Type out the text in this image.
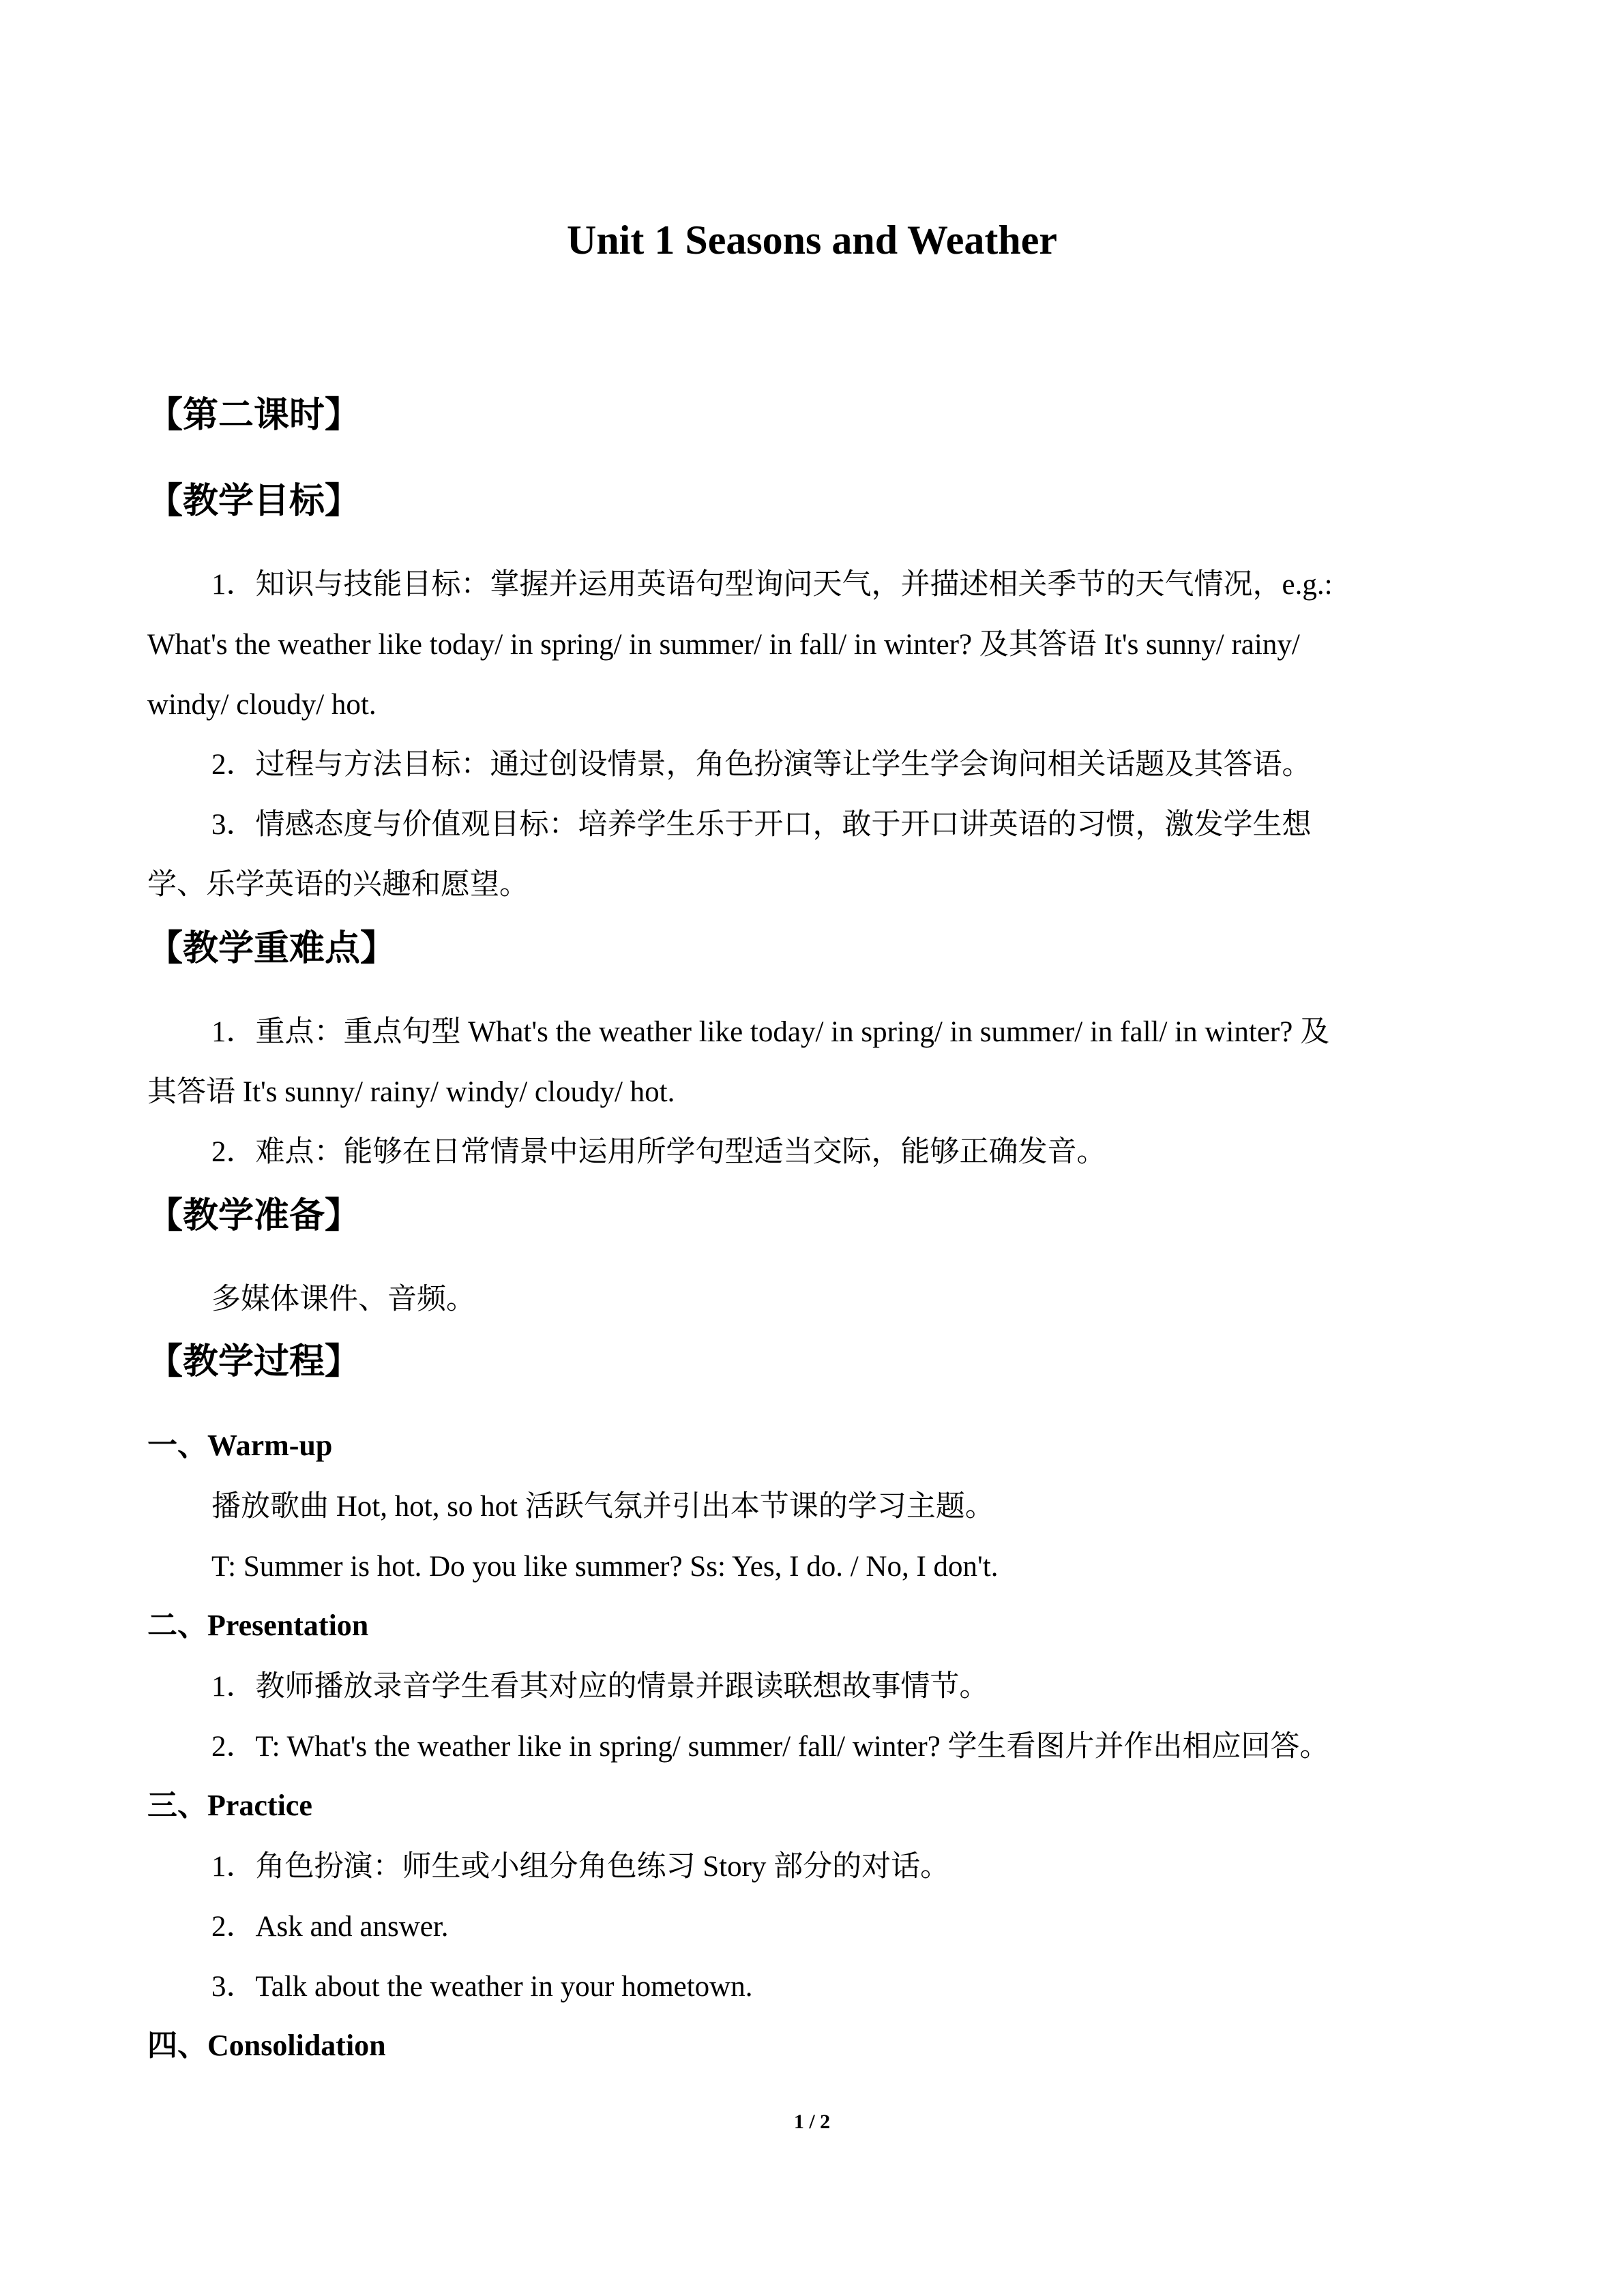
Unit 1 Seasons and Weather
【第二课时】
【教学目标】
1．知识与技能目标：掌握并运用英语句型询问天气，并描述相关季节的天气情况，e.g.:
What's the weather like today/ in spring/ in summer/ in fall/ in winter? 及其答语 It's sunny/ rainy/
windy/ cloudy/ hot.
2．过程与方法目标：通过创设情景，角色扮演等让学生学会询问相关话题及其答语。
3．情感态度与价值观目标：培养学生乐于开口，敢于开口讲英语的习惯，激发学生想
学、乐学英语的兴趣和愿望。
【教学重难点】
1．重点：重点句型 What's the weather like today/ in spring/ in summer/ in fall/ in winter? 及
其答语 It's sunny/ rainy/ windy/ cloudy/ hot.
2．难点：能够在日常情景中运用所学句型适当交际，能够正确发音。
【教学准备】
多媒体课件、音频。
【教学过程】
一、Warm-up
播放歌曲 Hot, hot, so hot 活跃气氛并引出本节课的学习主题。
T: Summer is hot. Do you like summer? Ss: Yes, I do. / No, I don't.
二、Presentation
1．教师播放录音学生看其对应的情景并跟读联想故事情节。
2．T: What's the weather like in spring/ summer/ fall/ winter? 学生看图片并作出相应回答。
三、Practice
1．角色扮演：师生或小组分角色练习 Story 部分的对话。
2．Ask and answer.
3．Talk about the weather in your hometown.
四、Consolidation
1 / 2
